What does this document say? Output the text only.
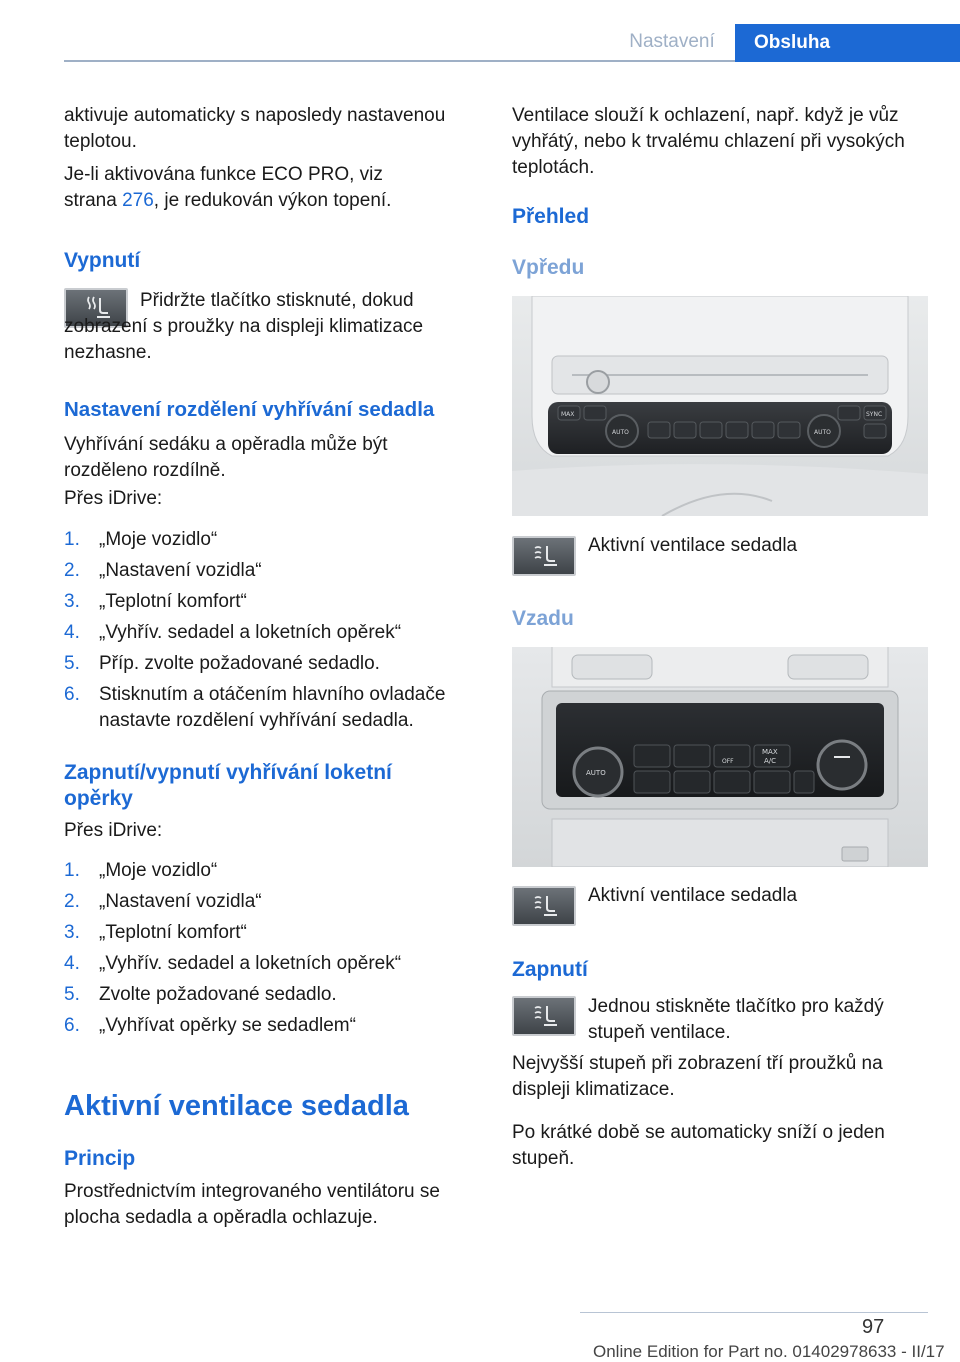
Nastavení	Obsluha

aktivuje automaticky s naposledy nastavenou teplotou.

Je‑li aktivována funkce ECO PRO, viz strana 276, je redukován výkon topení.

Vypnutí

Přidržte tlačítko stisknuté, dokud zobrazení s proužky na displeji klimatizace nezhasne.

Nastavení rozdělení vyhřívání sedadla

Vyhřívání sedáku a opěradla může být rozděleno rozdílně.

Přes iDrive:

1.	„Moje vozidlo“
2.	„Nastavení vozidla“
3.	„Teplotní komfort“
4.	„Vyhřív. sedadel a loketních opěrek“
5.	Příp. zvolte požadované sedadlo.
6.	Stisknutím a otáčením hlavního ovladače nastavte rozdělení vyhřívání sedadla.
Zapnutí/vypnutí vyhřívání loketní
opěrky

Přes iDrive:

1.	„Moje vozidlo“
2.	„Nastavení vozidla“
3.	„Teplotní komfort“
4.	„Vyhřív. sedadel a loketních opěrek“
5.	Zvolte požadované sedadlo.
6.	„Vyhřívat opěrky se sedadlem“
Aktivní ventilace sedadla
Princip

Prostřednictvím integrovaného ventilátoru se plocha sedadla a opěradla ochlazuje.

Ventilace slouží k ochlazení, např. když je vůz vyhřátý, nebo k trvalému chlazení při vysokých teplotách.

Přehled
Vpředu
MAX
AUTO	AUTO
SYNC

Aktivní ventilace sedadla

Vzadu
AUTO
MAX
A/C
OFF

Aktivní ventilace sedadla

Zapnutí

Jednou stiskněte tlačítko pro každý stupeň ventilace.

Nejvyšší stupeň při zobrazení tří proužků na displeji klimatizace.

Po krátké době se automaticky sníží o jeden stupeň.

97
Online Edition for Part no. 01402978633 - II/17
